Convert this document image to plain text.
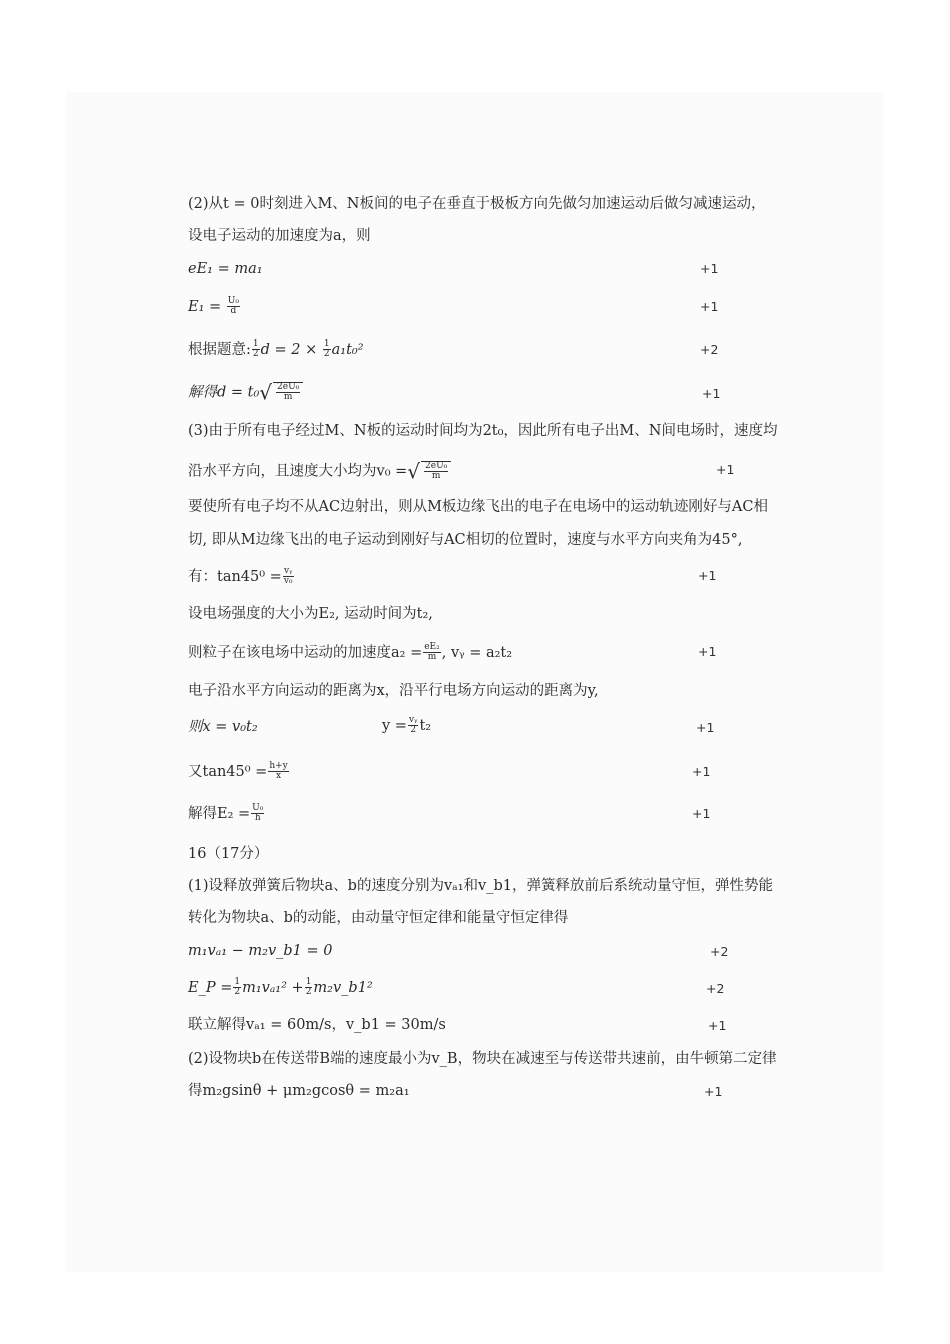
(2)从t = 0时刻进入M、N板间的电子在垂直于极板方向先做匀加速运动后做匀减速运动，
设电子运动的加速度为a，则
eE₁ = ma₁	+1
$E_1 = \frac{\text{U₀}}{d}$	+1
根据题意: $\frac{1}{2}$ $d = 2 \times \frac{1}{2} a_1t_0^2$	+2
解得$d = t_0√ \frac{\text{2eU₀}}{m}$	+1
(3)由于所有电子经过M、N板的运动时间均为2t₀，因此所有电子出M、N间电场时，速度均
沿水平方向，且速度大小均为v₀ =√ $\frac{\text{2eU₀}}{m}$	+1
要使所有电子均不从AC边射出，则从M板边缘飞出的电子在电场中的运动轨迹刚好与AC相
切, 即从M边缘飞出的电子运动到刚好与AC相切的位置时，速度与水平方向夹角为45°,
有：$\tan 45^0 = \frac{\text{vᵧ}}{\text{v₀}}$	+1
设电场强度的大小为E₂, 运动时间为t₂,
则粒子在该电场中运动的加速度$a_2 = \frac{\text{eE₂}}{m}$ , vᵧ = a₂t₂	+1
电子沿水平方向运动的距离为x，沿平行电场方向运动的距离为y,
则x = v₀t₂	$y = \frac{\text{vᵧ}}{2} t_2$	+1
又$\tan 45^0 = \frac{h+y}{x}$	+1
解得$E_2 = \frac{\text{U₀}}{h}$	+1
16（17分）
(1)设释放弹簧后物块a、b的速度分别为vₐ₁和v_b1，弹簧释放前后系统动量守恒，弹性势能
转化为物块a、b的动能，由动量守恒定律和能量守恒定律得
m₁vₐ₁ − m₂v_b1 = 0	+2
E_P = $\frac{1}{2} m_1v_{a1}^2 + \frac{1}{2}$ m₂v_b1²	+2
联立解得vₐ₁ = 60m/s，v_b1 = 30m/s	+1
(2)设物块b在传送带B端的速度最小为v_B，物块在减速至与传送带共速前，由牛顿第二定律
得m₂gsinθ + μm₂gcosθ = m₂a₁	+1
